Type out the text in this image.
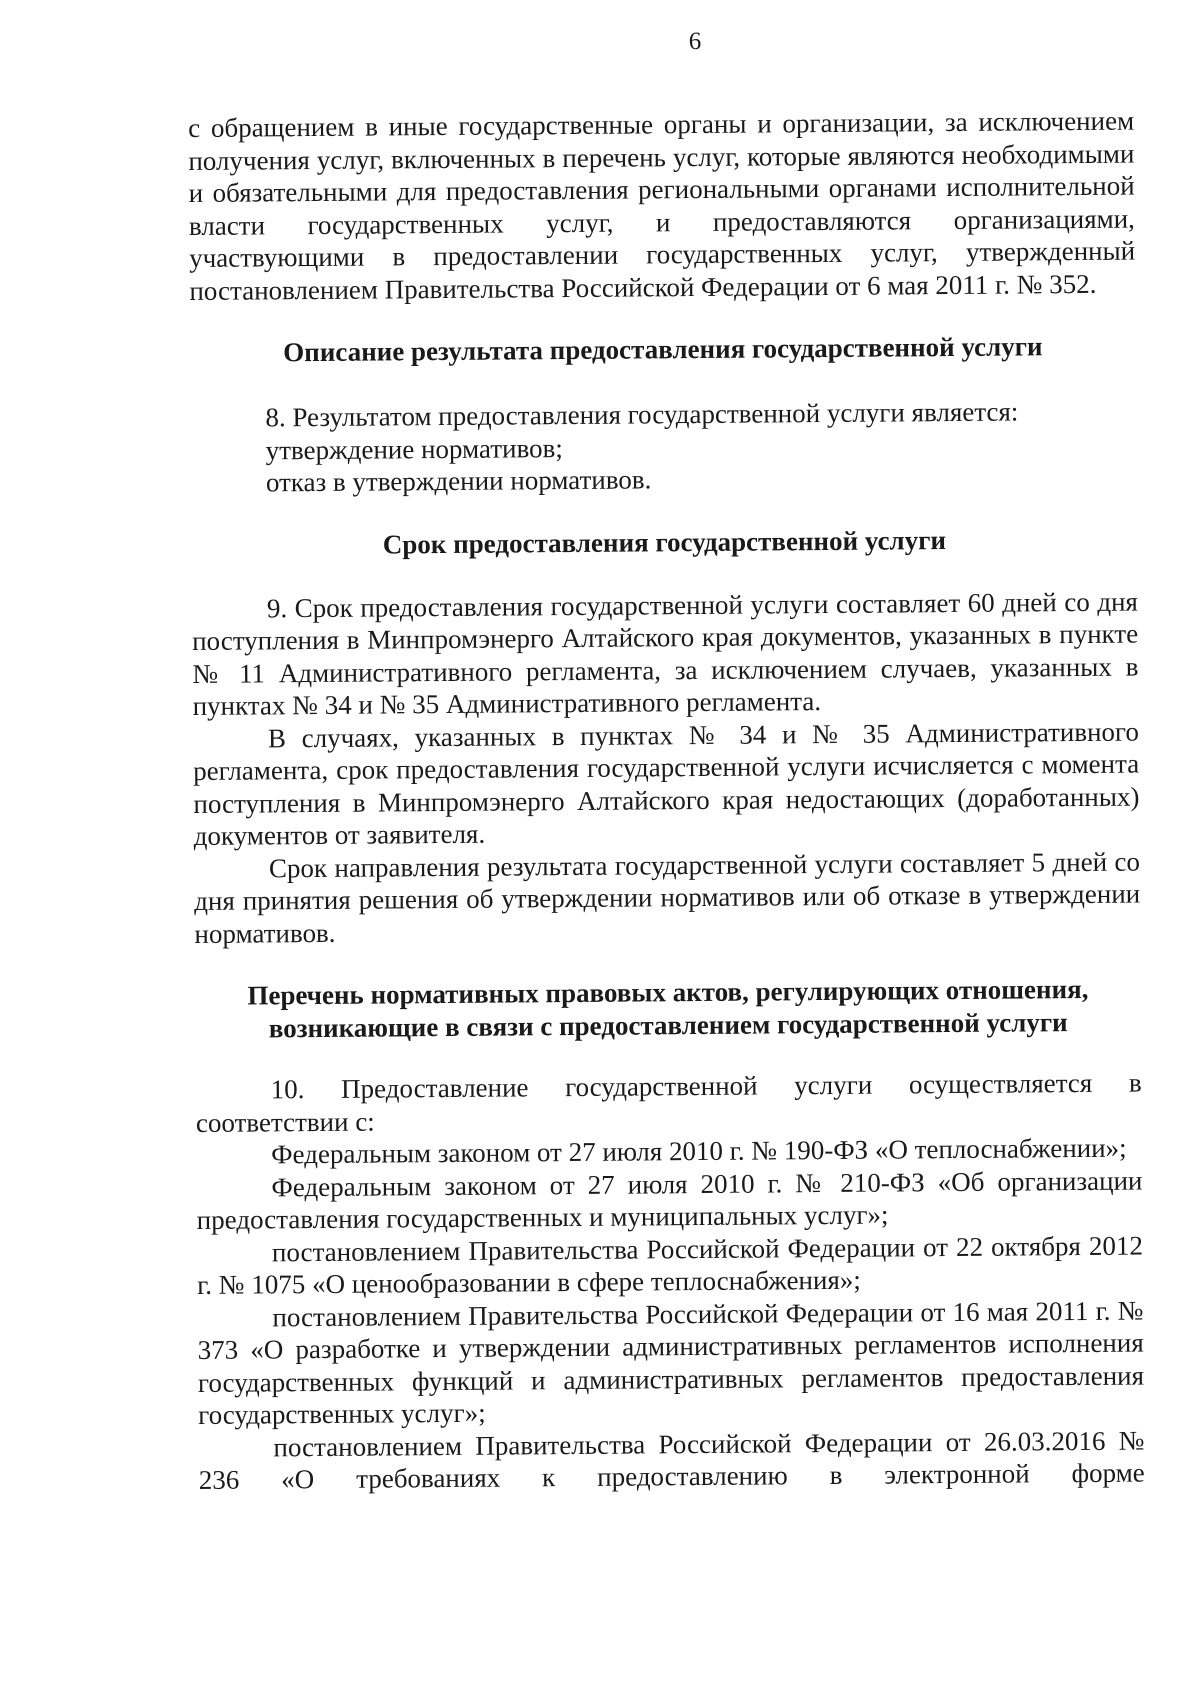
6

с обращением в иные государственные органы и организации, за исключением получения услуг, включенных в перечень услуг, которые являются необходимыми и обязательными для предоставления региональными органами исполнительной власти государственных услуг, и предоставляются организациями, участвующими в предоставлении государственных услуг, утвержденный постановлением Правительства Российской Федерации от 6 мая 2011 г. № 352.

Описание результата предоставления государственной услуги

8. Результатом предоставления государственной услуги является:

утверждение нормативов;

отказ в утверждении нормативов.

Срок предоставления государственной услуги

9. Срок предоставления государственной услуги составляет 60 дней со дня поступления в Минпромэнерго Алтайского края документов, указанных в пункте № 11 Административного регламента, за исключением случаев, указанных в пунктах № 34 и № 35 Административного регламента.

В случаях, указанных в пунктах № 34 и № 35 Административного регламента, срок предоставления государственной услуги исчисляется с момента поступления в Минпромэнерго Алтайского края недостающих (доработанных) документов от заявителя.

Срок направления результата государственной услуги составляет 5 дней со дня принятия решения об утверждении нормативов или об отказе в утверждении нормативов.

Перечень нормативных правовых актов, регулирующих отношения,
возникающие в связи с предоставлением государственной услуги

10. Предоставление государственной услуги осуществляется в соответствии с:

Федеральным законом от 27 июля 2010 г. № 190-ФЗ «О теплоснабжении»;

Федеральным законом от 27 июля 2010 г. № 210-ФЗ «Об организации предоставления государственных и муниципальных услуг»;

постановлением Правительства Российской Федерации от 22 октября 2012 г. № 1075 «О ценообразовании в сфере теплоснабжения»;

постановлением Правительства Российской Федерации от 16 мая 2011 г. № 373 «О разработке и утверждении административных регламентов исполнения государственных функций и административных регламентов предоставления государственных услуг»;

постановлением Правительства Российской Федерации от 26.03.2016 № 236 «О требованиях к предоставлению в электронной форме
